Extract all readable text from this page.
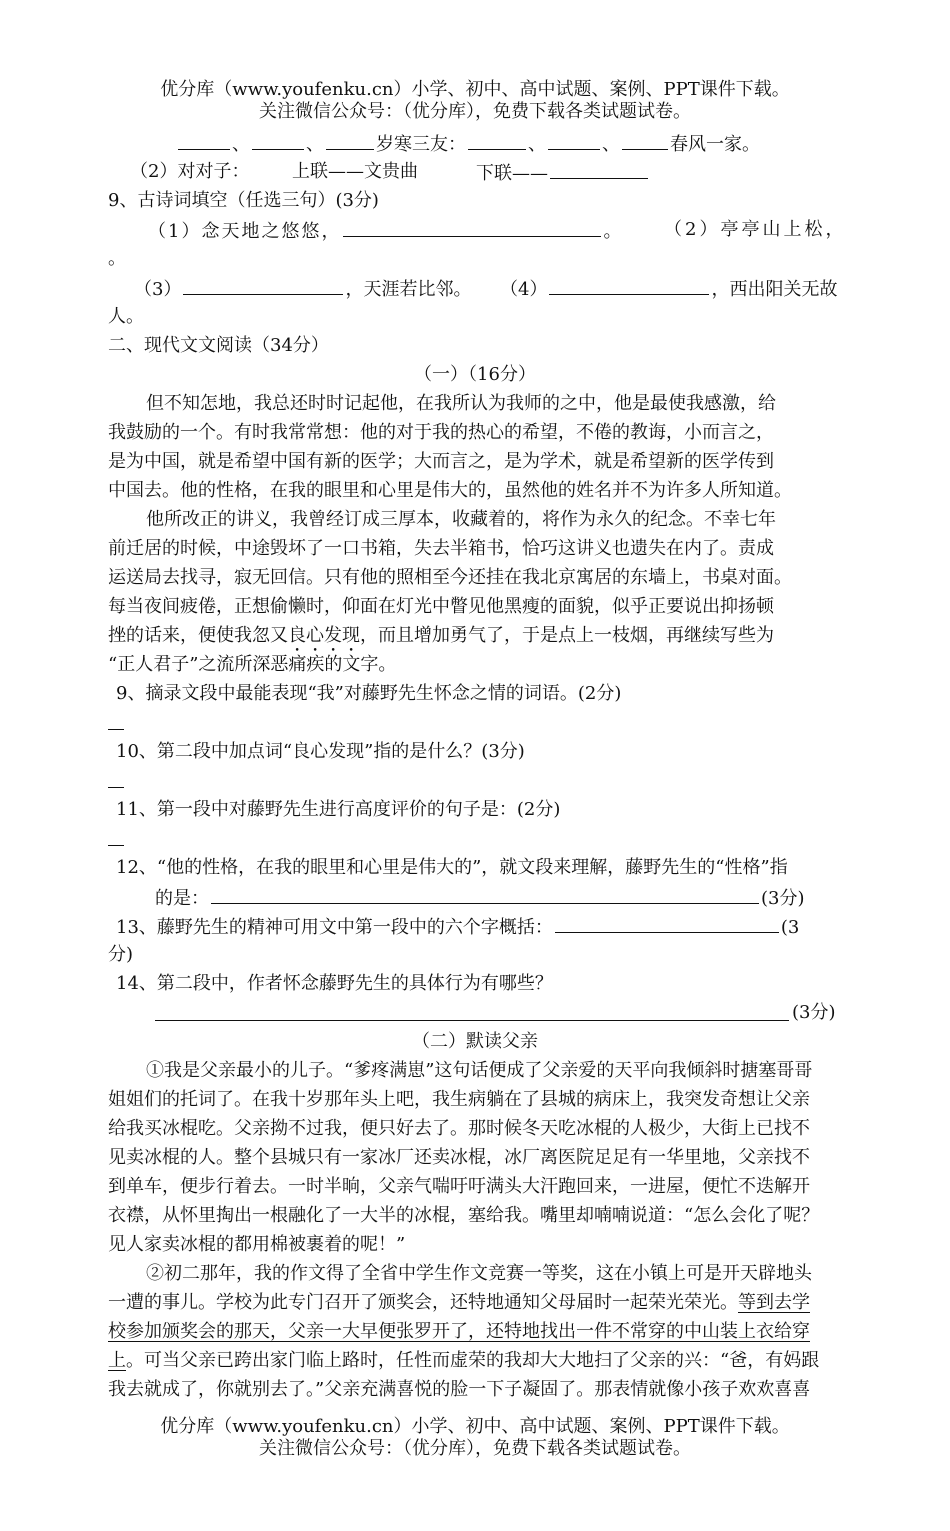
优分库（www.youfenku.cn）小学、初中、高中试题、案例、PPT课件下载。
关注微信公众号：（优分库），免费下载各类试题试卷。
、	、	岁寒三友：	、	、	春风一家。
（2）对对子： 上联——文贵曲	下联——
9、古诗词填空（任选三句）(3分)
（1）念天地之悠悠，	。 （2）亭亭山上松，
。
（3）	，天涯若比邻。 （4）	，西出阳关无故
人。
二、现代文文阅读（34分）
（一）（16分）
但不知怎地，我总还时时记起他，在我所认为我师的之中，他是最使我感激，给
我鼓励的一个。有时我常常想：他的对于我的热心的希望，不倦的教诲，小而言之，
是为中国，就是希望中国有新的医学；大而言之，是为学术，就是希望新的医学传到
中国去。他的性格，在我的眼里和心里是伟大的，虽然他的姓名并不为许多人所知道。
他所改正的讲义，我曾经订成三厚本，收藏着的，将作为永久的纪念。不幸七年
前迁居的时候，中途毁坏了一口书箱，失去半箱书，恰巧这讲义也遗失在内了。责成
运送局去找寻，寂无回信。只有他的照相至今还挂在我北京寓居的东墙上，书桌对面。
每当夜间疲倦，正想偷懒时，仰面在灯光中瞥见他黑瘦的面貌，似乎正要说出抑扬顿
挫的话来，便使我忽又良心发现，而且增加勇气了，于是点上一枝烟，再继续写些为
“正人君子”之流所深恶痛疾的文字。
9、摘录文段中最能表现“我”对藤野先生怀念之情的词语。(2分)
10、第二段中加点词“良心发现”指的是什么？(3分)
11、第一段中对藤野先生进行高度评价的句子是：(2分)
12、“他的性格，在我的眼里和心里是伟大的”，就文段来理解，藤野先生的“性格”指
的是：	(3分)
13、藤野先生的精神可用文中第一段中的六个字概括：	(3
分)
14、第二段中，作者怀念藤野先生的具体行为有哪些？
(3分)
（二）默读父亲
①我是父亲最小的儿子。“爹疼满崽”这句话便成了父亲爱的天平向我倾斜时搪塞哥哥
姐姐们的托词了。在我十岁那年头上吧，我生病躺在了县城的病床上，我突发奇想让父亲
给我买冰棍吃。父亲拗不过我，便只好去了。那时候冬天吃冰棍的人极少，大街上已找不
见卖冰棍的人。整个县城只有一家冰厂还卖冰棍，冰厂离医院足足有一华里地，父亲找不
到单车，便步行着去。一时半晌，父亲气喘吁吁满头大汗跑回来，一进屋，便忙不迭解开
衣襟，从怀里掏出一根融化了一大半的冰棍，塞给我。嘴里却喃喃说道：“怎么会化了呢？
见人家卖冰棍的都用棉被裹着的呢！”
②初二那年，我的作文得了全省中学生作文竞赛一等奖，这在小镇上可是开天辟地头
一遭的事儿。学校为此专门召开了颁奖会，还特地通知父母届时一起荣光荣光。等到去学
校参加颁奖会的那天，父亲一大早便张罗开了，还特地找出一件不常穿的中山装上衣给穿
上。可当父亲已跨出家门临上路时，任性而虚荣的我却大大地扫了父亲的兴：“爸，有妈跟
我去就成了，你就别去了。”父亲充满喜悦的脸一下子凝固了。那表情就像小孩子欢欢喜喜
优分库（www.youfenku.cn）小学、初中、高中试题、案例、PPT课件下载。
关注微信公众号：（优分库），免费下载各类试题试卷。
